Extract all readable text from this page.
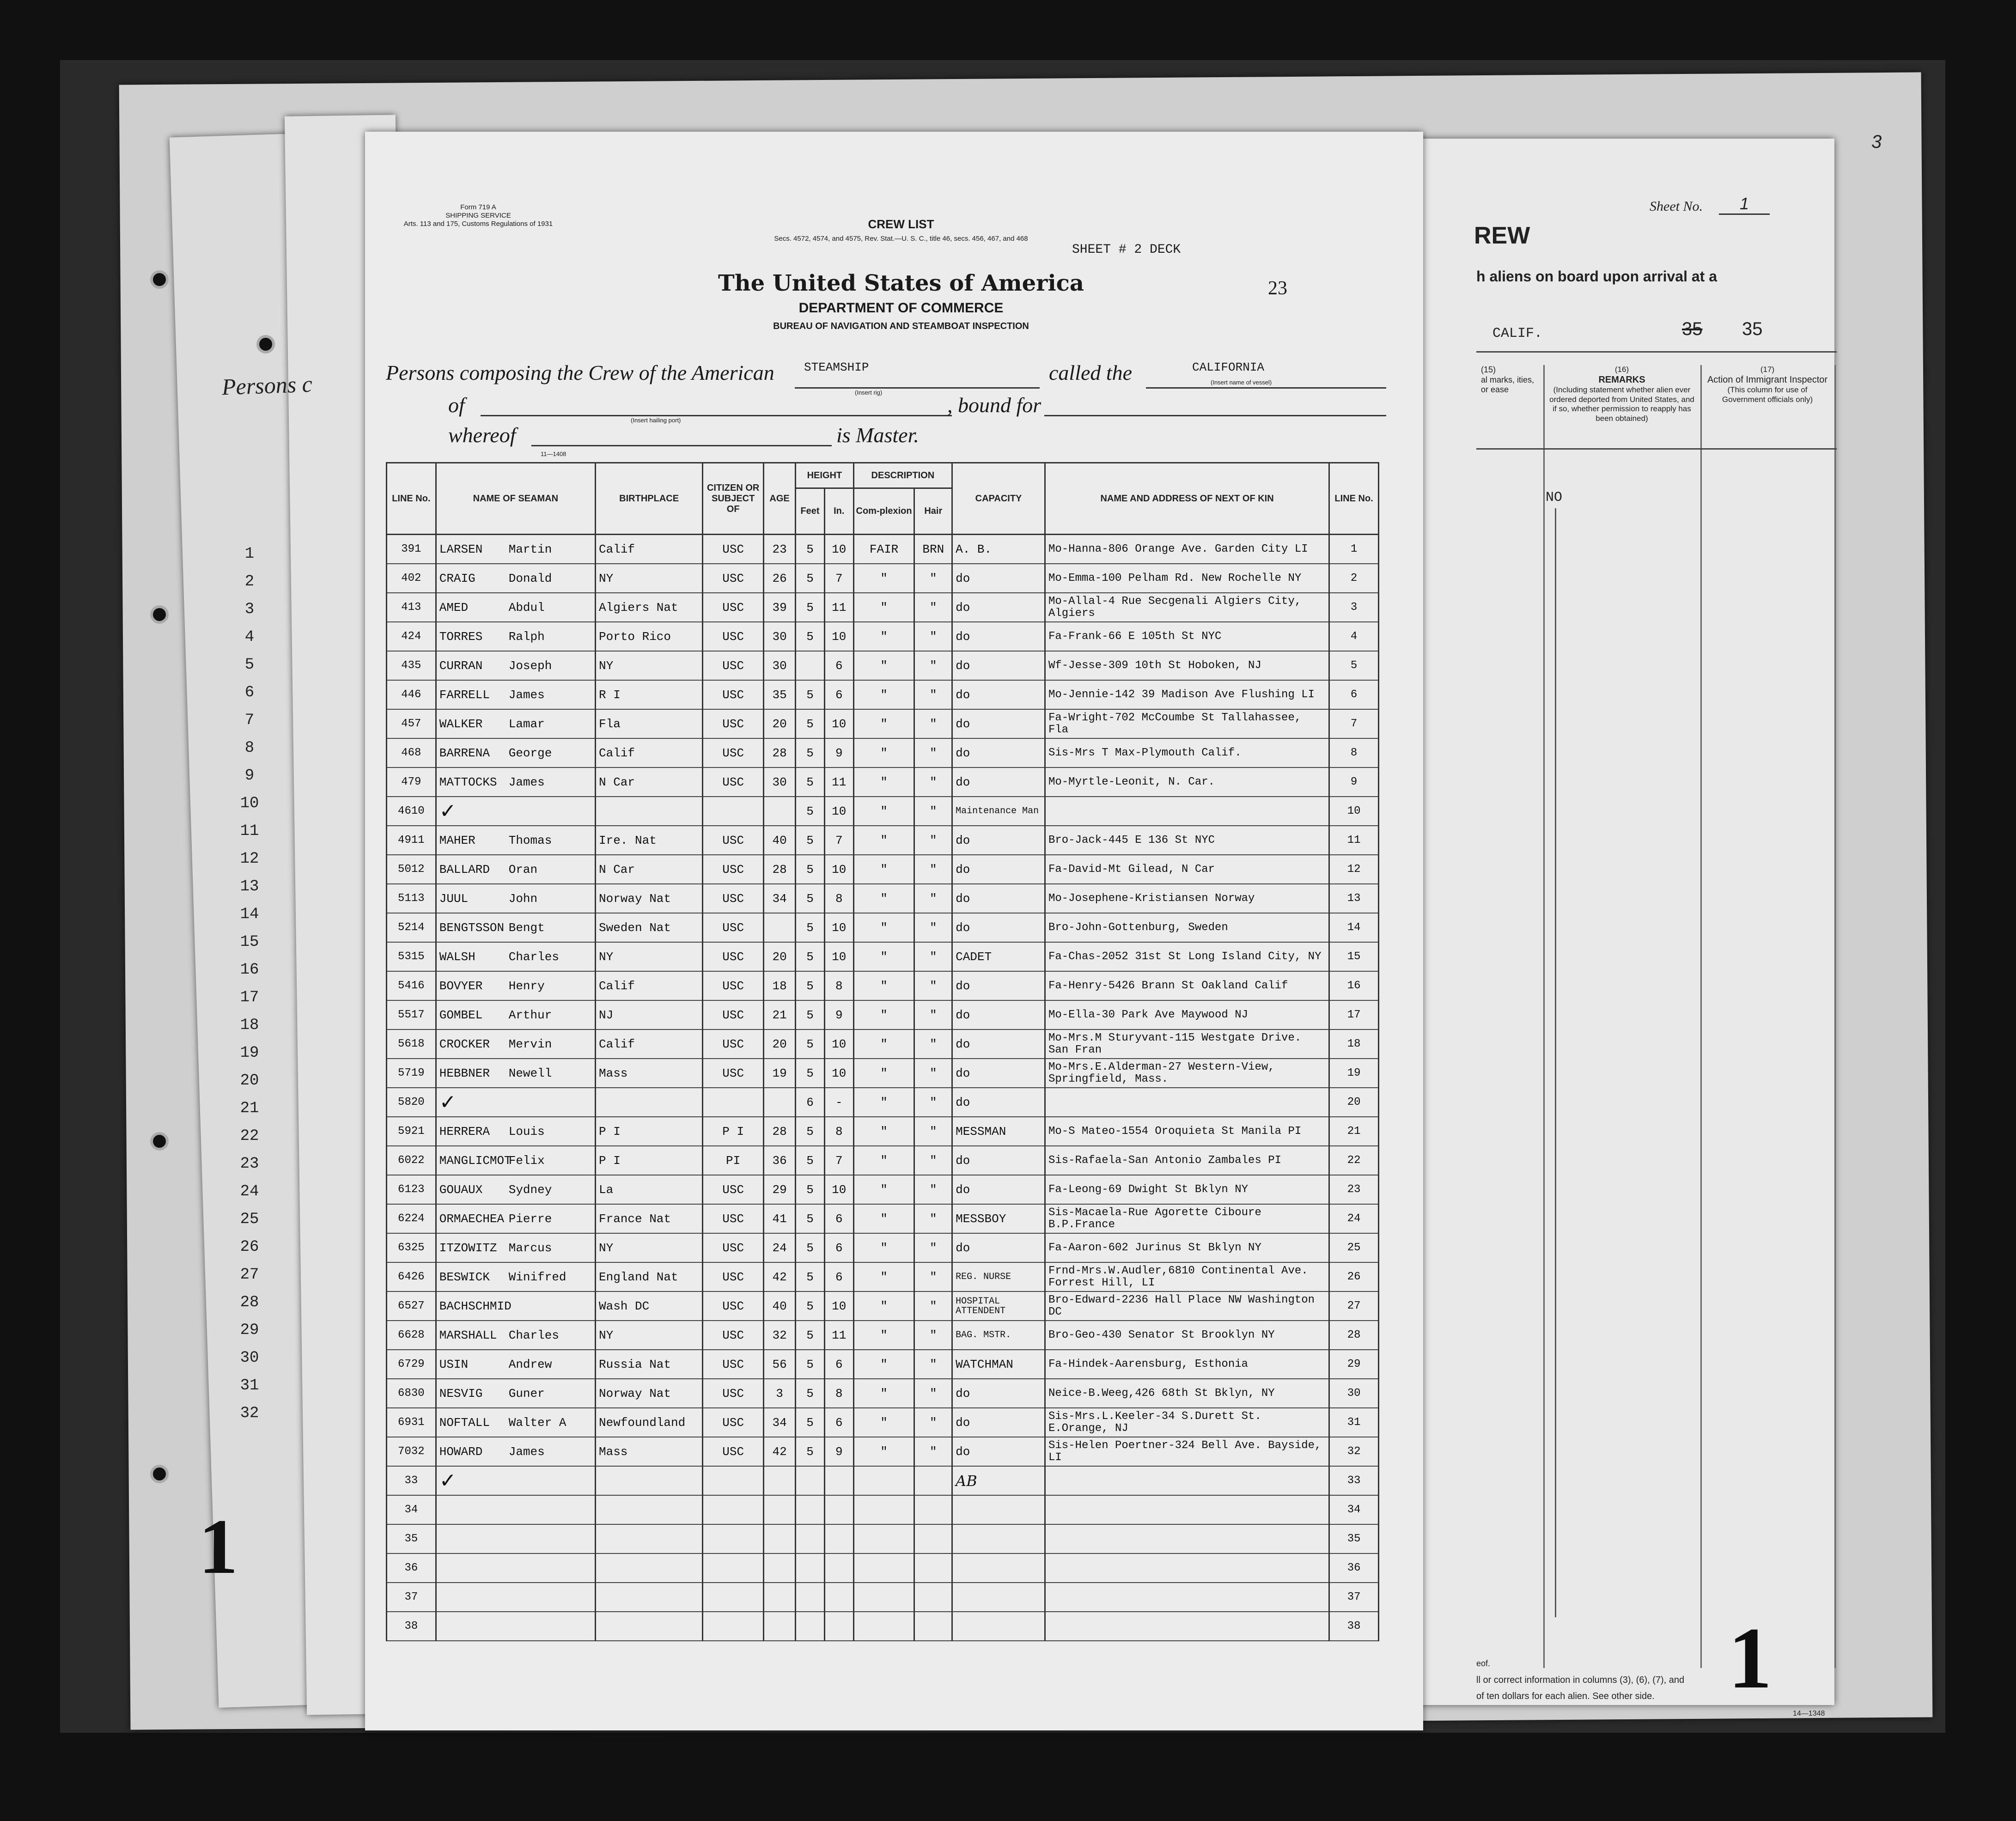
Persons c
1
2
3
4
5
6
7
8
9
10
11
12
13
14
15
16
17
18
19
20
21
22
23
24
25
26
27
28
29
30
31
32
1
3
Sheet No.	1
REW
h aliens on board upon arrival at a
CALIF.	35 35
(15)
al marks, ities, or ease
(16)
REMARKS
(Including statement whether alien ever ordered deported from United States, and if so, whether permission to reapply has been obtained)
(17)
Action of Immigrant Inspector
(This column for use of Government officials only)
NO
eof.
ll or correct information in columns (3), (6), (7), and
of ten dollars for each alien. See other side.
14—1348
1
Form 719 A
SHIPPING SERVICE
Arts. 113 and 175, Customs Regulations of 1931	CREW LIST
Secs. 4572, 4574, and 4575, Rev. Stat.—U. S. C., title 46, secs. 456, 467, and 468
The United States of America
DEPARTMENT OF COMMERCE
BUREAU OF NAVIGATION AND STEAMBOAT INSPECTION
SHEET # 2 DECK
23
Persons composing the Crew of the American STEAMSHIP
(Insert rig)
called the	CALIFORNIA
(Insert name of vessel)
of
(Insert hailing port)
, bound for
whereof	is Master.
11—1408
LINE No.	NAME OF SEAMAN	BIRTHPLACE	CITIZEN OR SUBJECT OF	AGE	HEIGHT		DESCRIPTION		CAPACITY	NAME AND ADDRESS OF NEXT OF KIN	LINE No.
					Feet	In.	Com-plexion	Hair			
391	LARSEN Martin	Calif	USC	23	5	10	FAIR	BRN	A. B.	Mo-Hanna-806 Orange Ave. Garden City LI	1
402	CRAIG Donald	NY	USC	26	5	7	"	"	do	Mo-Emma-100 Pelham Rd. New Rochelle NY	2
413	AMED Abdul	Algiers Nat	USC	39	5	11	"	"	do	Mo-Allal-4 Rue Secgenali Algiers City, Algiers	3
424	TORRES Ralph	Porto Rico	USC	30	5	10	"	"	do	Fa-Frank-66 E 105th St NYC	4
435	CURRAN Joseph	NY	USC	30		6	"	"	do	Wf-Jesse-309 10th St Hoboken, NJ	5
446	FARRELL James	R I	USC	35	5	6	"	"	do	Mo-Jennie-142 39 Madison Ave Flushing LI	6
457	WALKER Lamar	Fla	USC	20	5	10	"	"	do	Fa-Wright-702 McCoumbe St Tallahassee, Fla	7
468	BARRENA George	Calif	USC	28	5	9	"	"	do	Sis-Mrs T Max-Plymouth Calif.	8
479	MATTOCKS James	N Car	USC	30	5	11	"	"	do	Mo-Myrtle-Leonit, N. Car.	9
4610	✓				5	10	"	"	Maintenance Man		10
4911	MAHER Thomas	Ire. Nat	USC	40	5	7	"	"	do	Bro-Jack-445 E 136 St NYC	11
5012	BALLARD Oran	N Car	USC	28	5	10	"	"	do	Fa-David-Mt Gilead, N Car	12
5113	JUUL John	Norway Nat	USC	34	5	8	"	"	do	Mo-Josephene-Kristiansen Norway	13
5214	BENGTSSON Bengt	Sweden Nat	USC		5	10	"	"	do	Bro-John-Gottenburg, Sweden	14
5315	WALSH Charles	NY	USC	20	5	10	"	"	CADET	Fa-Chas-2052 31st St Long Island City, NY	15
5416	BOVYER Henry	Calif	USC	18	5	8	"	"	do	Fa-Henry-5426 Brann St Oakland Calif	16
5517	GOMBEL Arthur	NJ	USC	21	5	9	"	"	do	Mo-Ella-30 Park Ave Maywood NJ	17
5618	CROCKER Mervin	Calif	USC	20	5	10	"	"	do	Mo-Mrs.M Sturyvant-115 Westgate Drive. San Fran	18
5719	HEBBNER Newell	Mass	USC	19	5	10	"	"	do	Mo-Mrs.E.Alderman-27 Western-View, Springfield, Mass.	19
5820	✓				6	-	"	"	do		20
5921	HERRERA Louis	P I	P I	28	5	8	"	"	MESSMAN	Mo-S Mateo-1554 Oroquieta St Manila PI	21
6022	MANGLICMOTFelix	P I	PI	36	5	7	"	"	do	Sis-Rafaela-San Antonio Zambales PI	22
6123	GOUAUX Sydney	La	USC	29	5	10	"	"	do	Fa-Leong-69 Dwight St Bklyn NY	23
6224	ORMAECHEA Pierre	France Nat	USC	41	5	6	"	"	MESSBOY	Sis-Macaela-Rue Agorette Ciboure B.P.France	24
6325	ITZOWITZ Marcus	NY	USC	24	5	6	"	"	do	Fa-Aaron-602 Jurinus St Bklyn NY	25
6426	BESWICK Winifred	England Nat	USC	42	5	6	"	"	REG. NURSE	Frnd-Mrs.W.Audler,6810 Continental Ave. Forrest Hill, LI	26
6527	BACHSCHMID	Wash DC	USC	40	5	10	"	"	HOSPITAL ATTENDENT	Bro-Edward-2236 Hall Place NW Washington DC	27
6628	MARSHALL Charles	NY	USC	32	5	11	"	"	BAG. MSTR.	Bro-Geo-430 Senator St Brooklyn NY	28
6729	USIN Andrew	Russia Nat	USC	56	5	6	"	"	WATCHMAN	Fa-Hindek-Aarensburg, Esthonia	29
6830	NESVIG Guner	Norway Nat	USC	3	5	8	"	"	do	Neice-B.Weeg,426 68th St Bklyn, NY	30
6931	NOFTALL Walter A	Newfoundland	USC	34	5	6	"	"	do	Sis-Mrs.L.Keeler-34 S.Durett St. E.Orange, NJ	31
7032	HOWARD James	Mass	USC	42	5	9	"	"	do	Sis-Helen Poertner-324 Bell Ave. Bayside, LI	32
33	✓								AB		33
34											34
35											35
36											36
37											37
38											38
